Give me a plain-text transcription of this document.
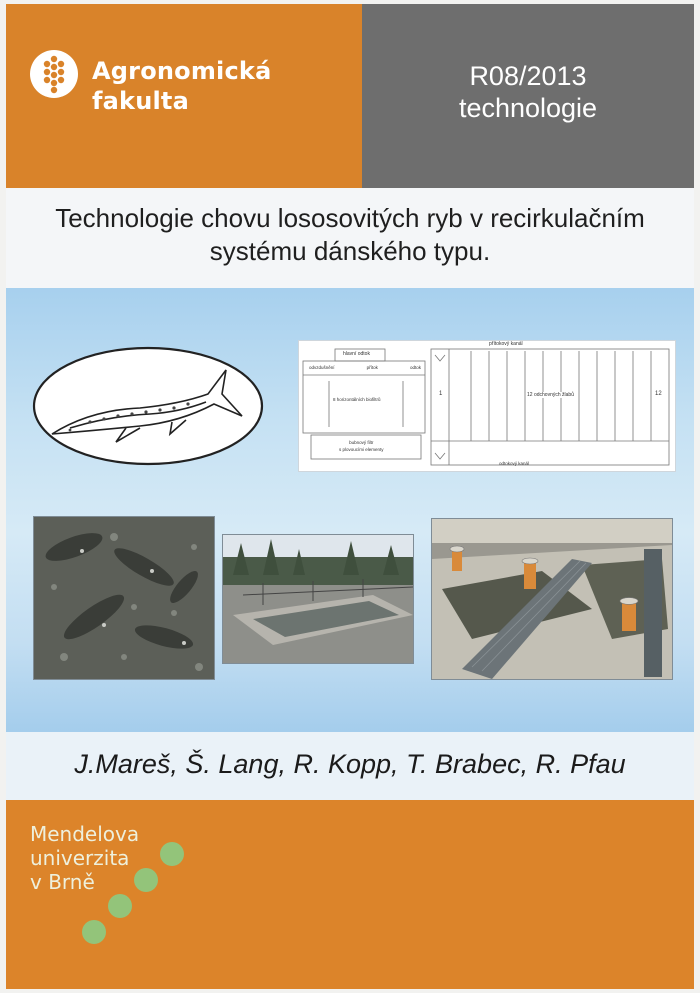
Agronomická
fakulta
R08/2013
technologie
Technologie chovu lososovitých ryb v recirkulačním
systému dánského typu.
přítokový kanál
hlavní odtok
odvzdušnění	přítok	odtok
8 horizontálních biofiltrů
bubnový filtr
s plovoucími elementy
1	12 odchovných žlabů	12
odtokový kanál
J.Mareš, Š. Lang, R. Kopp, T. Brabec, R. Pfau
Mendelova
univerzita
v Brně
